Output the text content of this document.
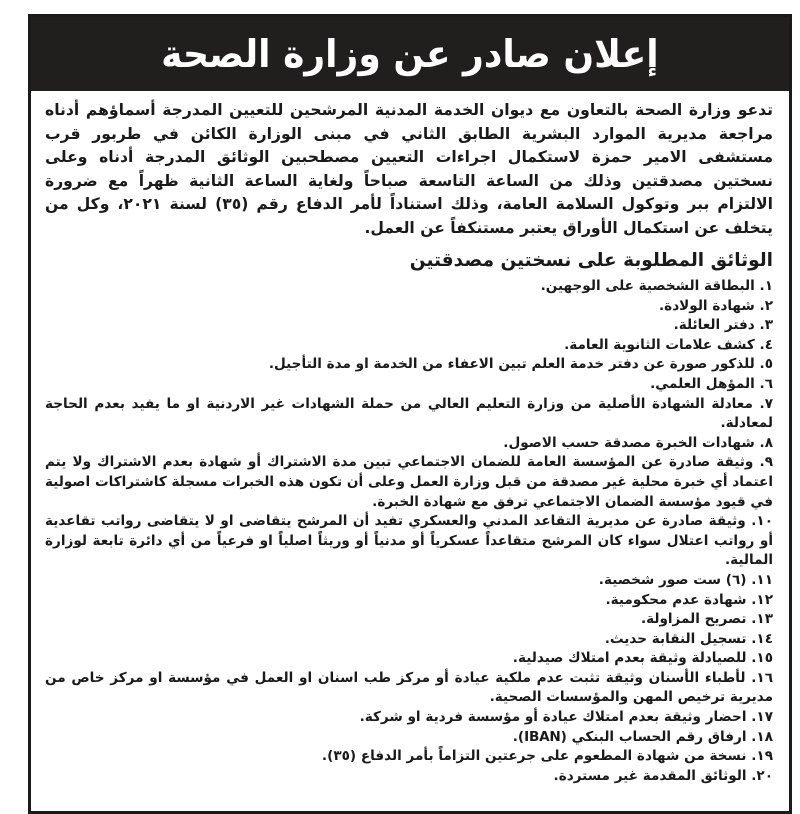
إعلان صادر عن وزارة الصحة

تدعو وزارة الصحة بالتعاون مع ديوان الخدمة المدنية المرشحين للتعيين المدرجة أسماؤهم أدناه مراجعة مديرية الموارد البشرية الطابق الثاني في مبنى الوزارة الكائن في طربور قرب مستشفى الامير حمزة لاستكمال اجراءات التعيين مصطحبين الوثائق المدرجة أدناه وعلى نسختين مصدقتين وذلك من الساعة التاسعة صباحاً ولغاية الساعة الثانية ظهراً مع ضرورة الالتزام ببر وتوكول السلامة العامة، وذلك استناداً لأمر الدفاع رقم (٣٥) لسنة ٢٠٢١، وكل من يتخلف عن استكمال الأوراق يعتبر مستنكفاً عن العمل.

الوثائق المطلوبة على نسختين مصدقتين
١. البطاقة الشخصية على الوجهين.
٢. شهادة الولادة.
٣. دفتر العائلة.
٤. كشف علامات الثانوية العامة.
٥. للذكور صورة عن دفتر خدمة العلم تبين الاعفاء من الخدمة او مدة التأجيل.
٦. المؤهل العلمي.
٧. معادلة الشهادة الأصلية من وزارة التعليم العالي من حملة الشهادات غير الاردنية او ما يفيد بعدم الحاجة لمعادلة.
٨. شهادات الخبرة مصدقة حسب الاصول.
٩. وثيقة صادرة عن المؤسسة العامة للضمان الاجتماعي تبين مدة الاشتراك أو شهادة بعدم الاشتراك ولا يتم اعتماد أي خبرة محلية غير مصدقة من قبل وزارة العمل وعلى أن تكون هذه الخبرات مسجلة كاشتراكات اصولية في قيود مؤسسة الضمان الاجتماعي ترفق مع شهادة الخبرة.
١٠. وثيقة صادرة عن مديرية التقاعد المدني والعسكري تفيد أن المرشح يتقاضى او لا يتقاضى رواتب تقاعدية أو رواتب اعتلال سواء كان المرشح متقاعداً عسكرياً أو مدنياً أو وريثاً اصلياً او فرعياً من أي دائرة تابعة لوزارة المالية.
١١. (٦) ست صور شخصية.
١٢. شهادة عدم محكومية.
١٣. تصريح المزاولة.
١٤. تسجيل النقابة حديث.
١٥. للصيادلة وثيقة بعدم امتلاك صيدلية.
١٦. لأطباء الأسنان وثيقة تثبت عدم ملكية عيادة أو مركز طب اسنان او العمل في مؤسسة او مركز خاص من مديرية ترخيص المهن والمؤسسات الصحية.
١٧. احضار وثيقة بعدم امتلاك عيادة أو مؤسسة فردية او شركة.
١٨. ارفاق رقم الحساب البنكي (IBAN).
١٩. نسخة من شهادة المطعوم على جرعتين التزاماً بأمر الدفاع (٣٥).
٢٠. الوثائق المقدمة غير مستردة.
